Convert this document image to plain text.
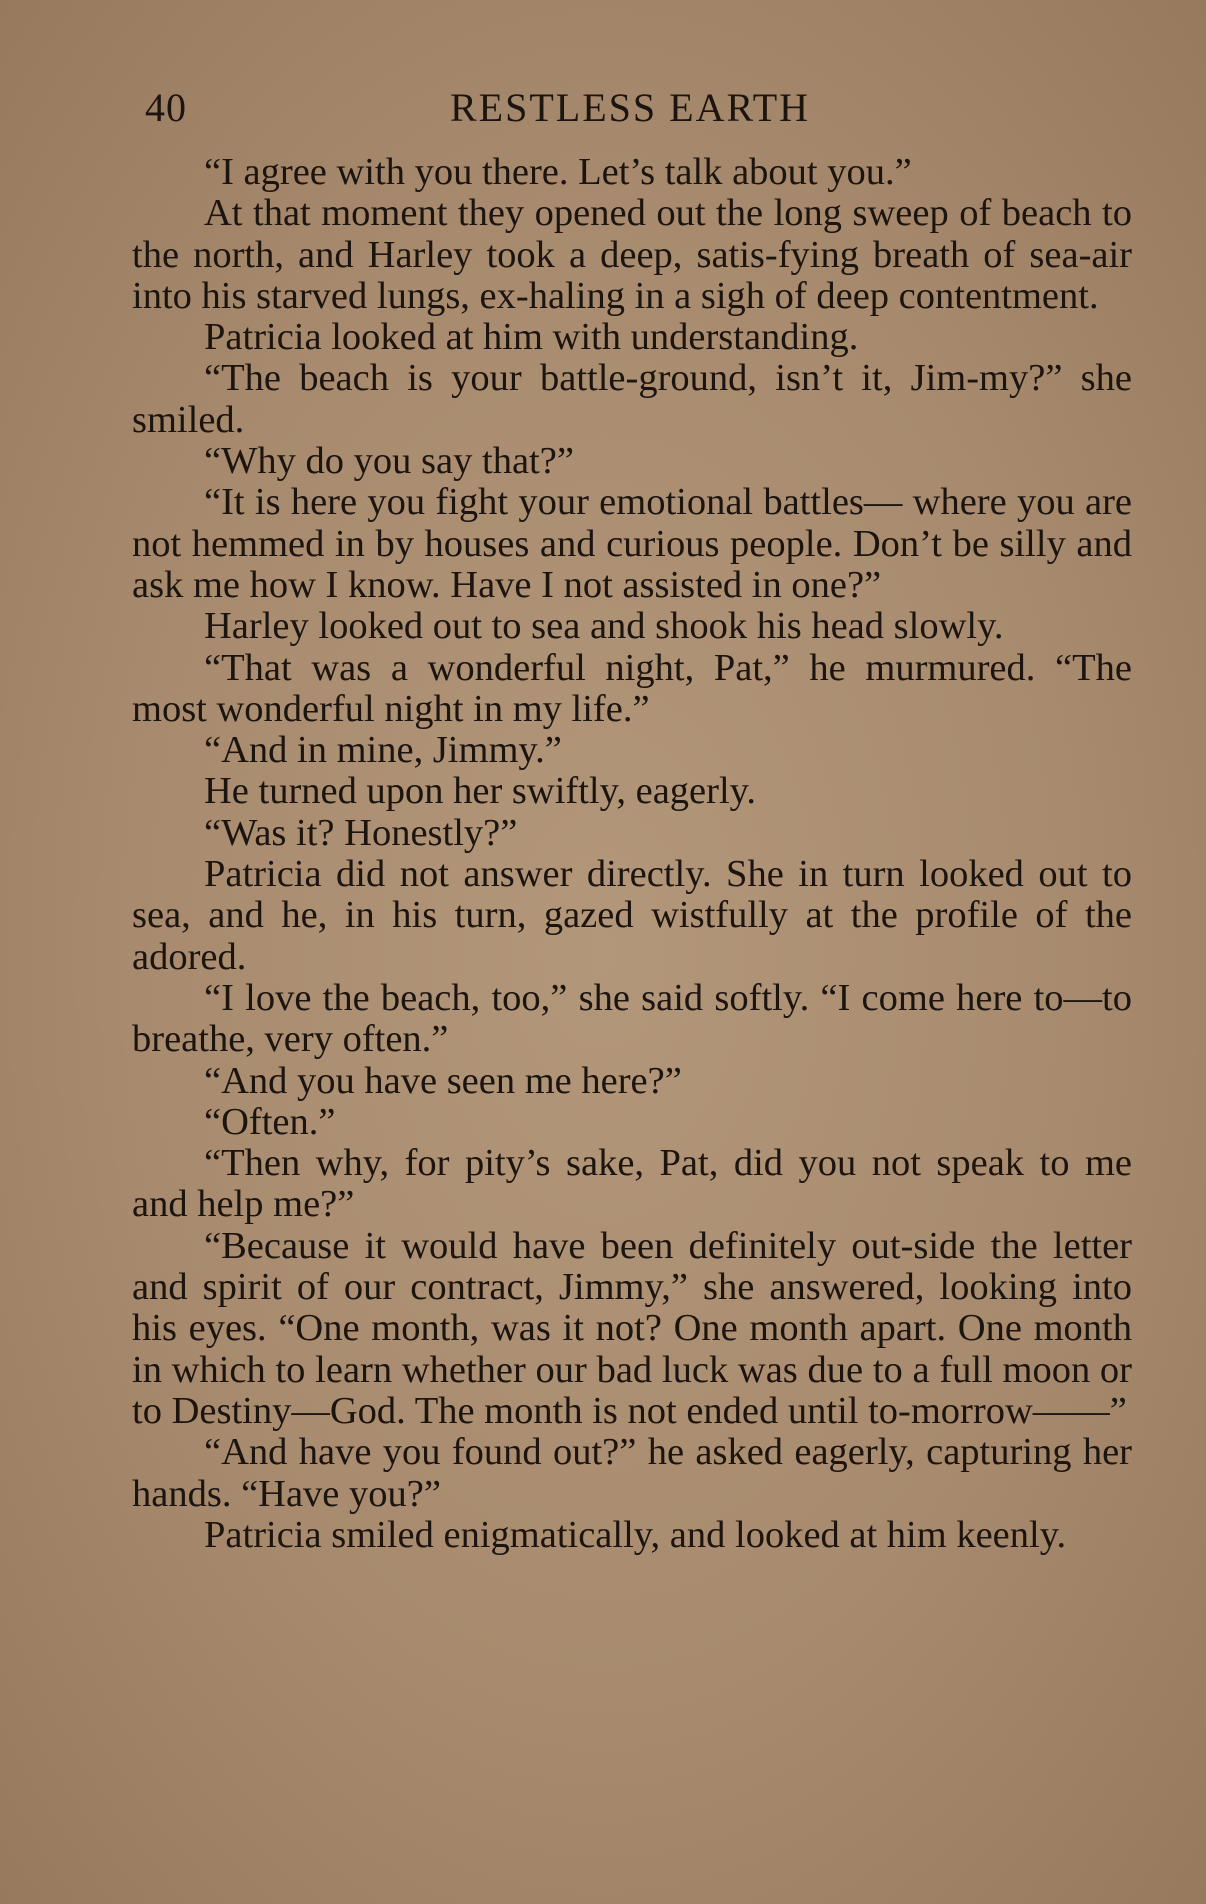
40	RESTLESS EARTH

“I agree with you there. Let’s talk about you.”

At that moment they opened out the long sweep of beach to the north, and Harley took a deep, satis-fying breath of sea-air into his starved lungs, ex-haling in a sigh of deep contentment.

Patricia looked at him with understanding.

“The beach is your battle-ground, isn’t it, Jim-my?” she smiled.

“Why do you say that?”

“It is here you fight your emotional battles— where you are not hemmed in by houses and curious people. Don’t be silly and ask me how I know. Have I not assisted in one?”

Harley looked out to sea and shook his head slowly.

“That was a wonderful night, Pat,” he murmured. “The most wonderful night in my life.”

“And in mine, Jimmy.”

He turned upon her swiftly, eagerly.

“Was it? Honestly?”

Patricia did not answer directly. She in turn looked out to sea, and he, in his turn, gazed wistfully at the profile of the adored.

“I love the beach, too,” she said softly. “I come here to—to breathe, very often.”

“And you have seen me here?”

“Often.”

“Then why, for pity’s sake, Pat, did you not speak to me and help me?”

“Because it would have been definitely out-side the letter and spirit of our contract, Jimmy,” she answered, looking into his eyes. “One month, was it not? One month apart. One month in which to learn whether our bad luck was due to a full moon or to Destiny—God. The month is not ended until to-morrow——”

“And have you found out?” he asked eagerly, capturing her hands. “Have you?”

Patricia smiled enigmatically, and looked at him keenly.
